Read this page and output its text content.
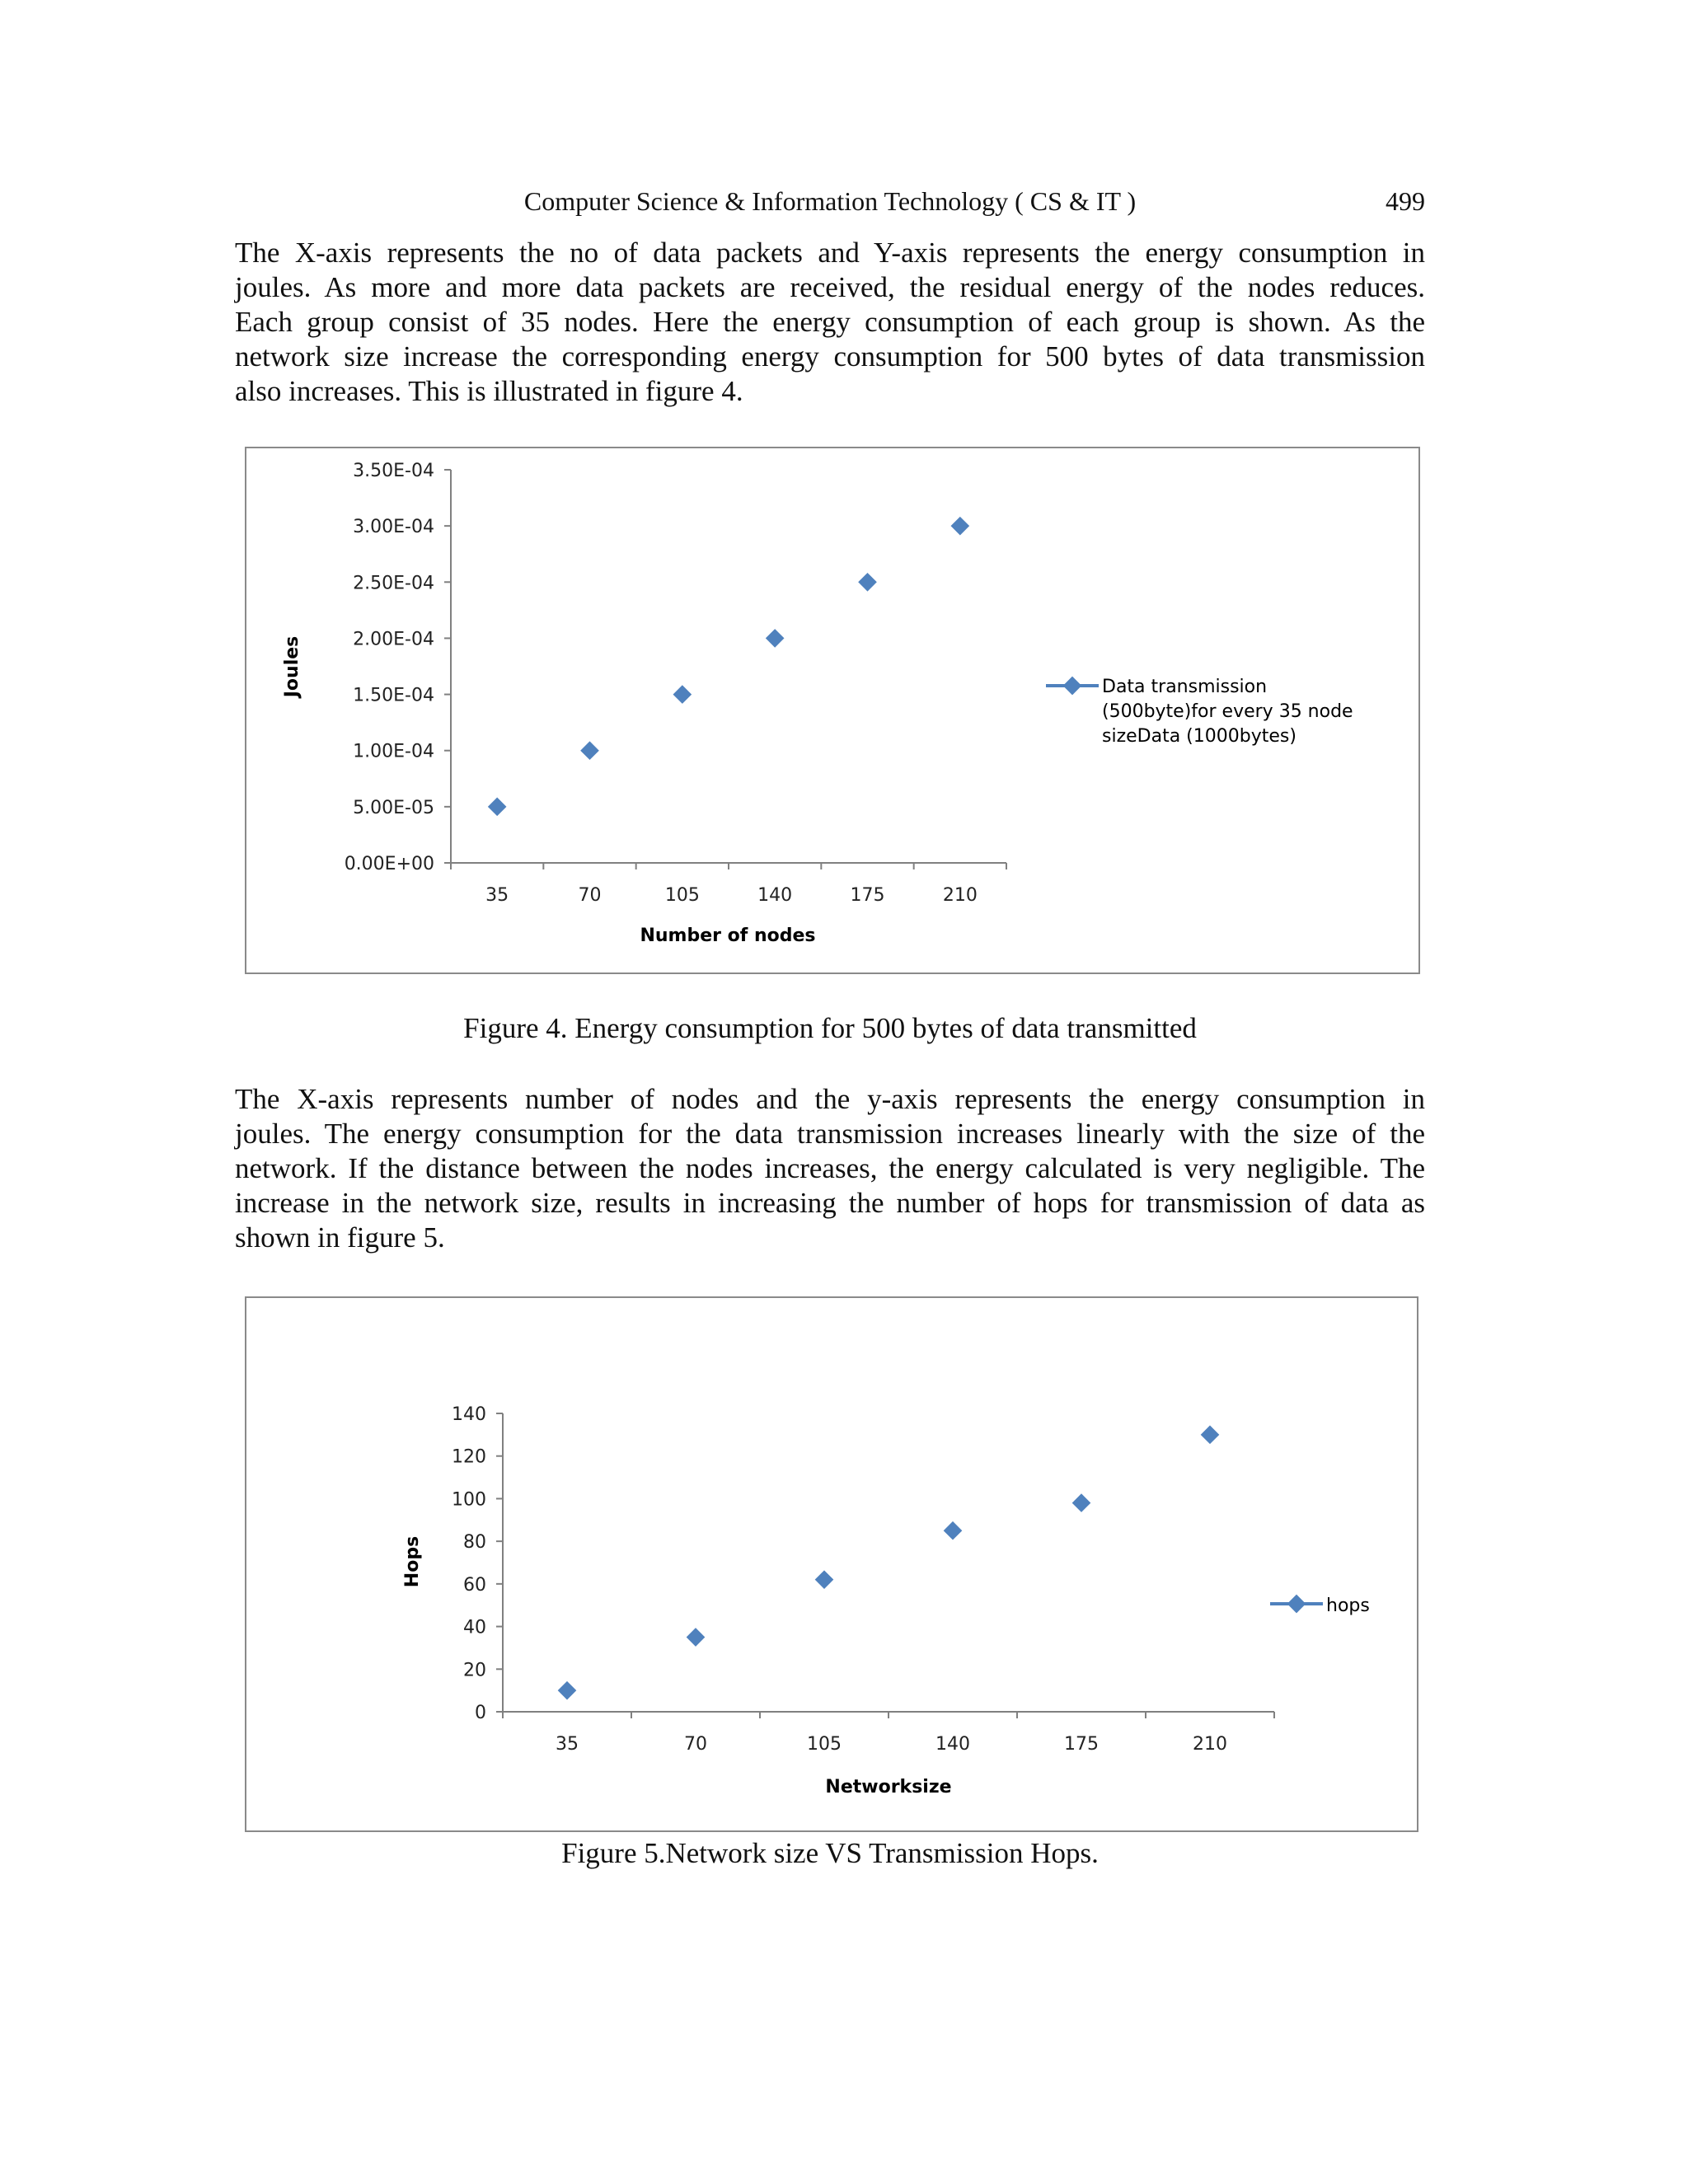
Computer Science & Information Technology ( CS & IT )	499
The X-axis represents the no of data packets and Y-axis represents the energy consumption in
joules. As more and more data packets are received, the residual energy of the nodes reduces.
Each group consist of 35 nodes. Here the energy consumption of each group is shown. As the
network size increase the corresponding energy consumption for 500 bytes of data transmission
also increases. This is illustrated in figure 4.
0.00E+00
5.00E-05
1.00E-04
1.50E-04
2.00E-04
2.50E-04
3.00E-04
3.50E-04
35	70	105	140	175	210
Joules
Number of nodes
Data transmission
(500byte)for every 35 node
sizeData (1000bytes)
Figure 4. Energy consumption for 500 bytes of data transmitted
The X-axis represents number of nodes and the y-axis represents the energy consumption in
joules. The energy consumption for the data transmission increases linearly with the size of the
network. If the distance between the nodes increases, the energy calculated is very negligible. The
increase in the network size, results in increasing the number of hops for transmission of data as
shown in figure 5.
0
20
40
60
80
100
120
140
35	70	105	140	175	210
Hops
Networksize
hops
Figure 5.Network size VS Transmission Hops.
